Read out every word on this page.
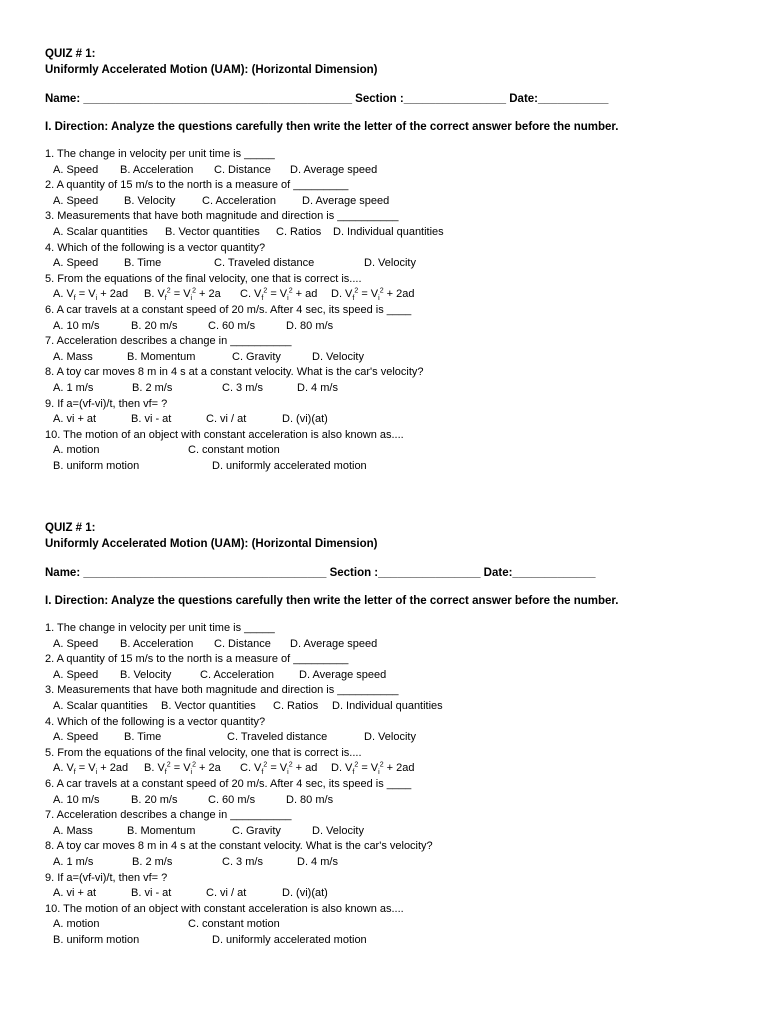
QUIZ # 1:
Uniformly Accelerated Motion (UAM): (Horizontal Dimension)
Name: __________________________________________ Section :________________ Date:___________
I. Direction: Analyze the questions carefully then write the letter of the correct answer before the number.
1. The change in velocity per unit time is _____
A. Speed B. Acceleration C. Distance D. Average speed
2. A quantity of 15 m/s to the north is a measure of _________
A. Speed B. Velocity C. Acceleration D. Average speed
3. Measurements that have both magnitude and direction is __________
A. Scalar quantities B. Vector quantities C. Ratios D. Individual quantities
4. Which of the following is a vector quantity?
A. Speed B. Time	C. Traveled distance	D. Velocity
5. From the equations of the final velocity, one that is correct is....
A. $V_f = V_i + 2ad$ B. $V_f^2 = V_i^2 + 2a$ C. $V_f^2 = V_i^2$ + ad D. $V_f^2 = V_i^2 + 2ad$
6. A car travels at a constant speed of 20 m/s. After 4 sec, its speed is ____
A. 10 m/s	B. 20 m/s	C. 60 m/s	D. 80 m/s
7. Acceleration describes a change in __________
A. Mass	B. Momentum	C. Gravity	D. Velocity
8. A toy car moves 8 m in 4 s at a constant velocity. What is the car's velocity?
A. 1 m/s	B. 2 m/s	C. 3 m/s	D. 4 m/s
9. If a=(vf-vi)/t, then vf= ?
A. vi + at	B. vi - at	C. vi / at	D. (vi)(at)
10. The motion of an object with constant acceleration is also known as....
A. motion	C. constant motion
B. uniform motion	D. uniformly accelerated motion
QUIZ # 1:
Uniformly Accelerated Motion (UAM): (Horizontal Dimension)
Name: ______________________________________ Section :________________ Date:_____________
I. Direction: Analyze the questions carefully then write the letter of the correct answer before the number.
1. The change in velocity per unit time is _____
A. Speed B. Acceleration C. Distance D. Average speed
2. A quantity of 15 m/s to the north is a measure of _________
A. Speed B. Velocity	C. Acceleration D. Average speed
3. Measurements that have both magnitude and direction is __________
A. Scalar quantities B. Vector quantities C. Ratios D. Individual quantities
4. Which of the following is a vector quantity?
A. Speed B. Time	C. Traveled distance	D. Velocity
5. From the equations of the final velocity, one that is correct is....
A. $V_f = V_i + 2ad$ B. $V_f^2 = V_i^2 + 2a$ C. $V_f^2 = V_i^2$ + ad D. $V_f^2 = V_i^2 + 2ad$
6. A car travels at a constant speed of 20 m/s. After 4 sec, its speed is ____
A. 10 m/s	B. 20 m/s	C. 60 m/s	D. 80 m/s
7. Acceleration describes a change in __________
A. Mass	B. Momentum	C. Gravity	D. Velocity
8. A toy car moves 8 m in 4 s at the constant velocity. What is the car's velocity?
A. 1 m/s	B. 2 m/s	C. 3 m/s	D. 4 m/s
9. If a=(vf-vi)/t, then vf= ?
A. vi + at	B. vi - at	C. vi / at	D. (vi)(at)
10. The motion of an object with constant acceleration is also known as....
A. motion	C. constant motion
B. uniform motion	D. uniformly accelerated motion
